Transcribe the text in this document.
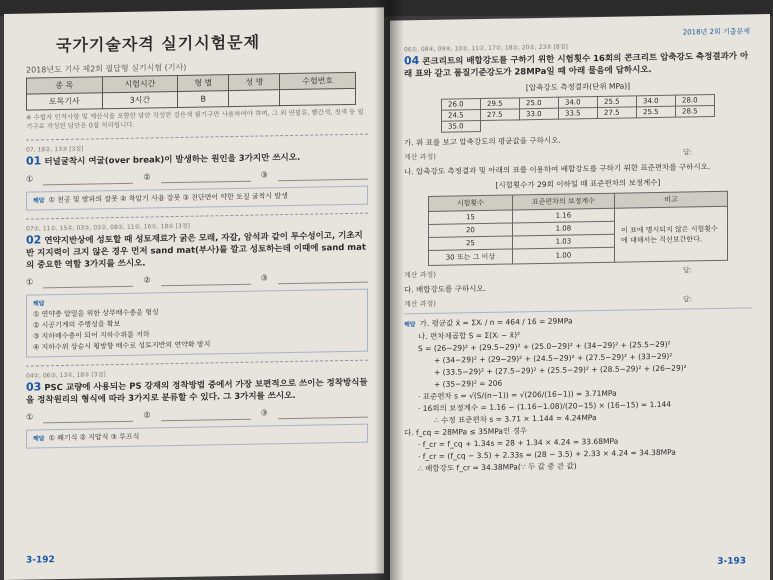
국가기술자격 실기시험문제
2018년도 기사 제2회 필답형 실기시험 (기사)
종 목	시험시간	형 별	성 명	수험번호
토목기사	3시간	B		
※ 수험자 인적사항 및 계산식을 포함한 답안 작성란 검은색 필기구만 사용하여야 하며, 그 외 연필류, 빨간색, 청색 등 필기구로 작성된 답안은 0점 처리됩니다.
07, 18②, 13③ [3점]
01 터널굴착시 여굴(over break)이 발생하는 원인을 3가지만 쓰시오.
①	②	③
해답 ① 천공 및 발파의 잘못 ② 착암기 사용 잘못 ③ 전단면이 약한 토질 굴착시 발생
07②, 11②, 15②, 03②, 03②, 08②, 11②, 16①, 18② [3점]
02 연약지반상에 성토할 때 성토재료가 굵은 모래, 자갈, 암석과 같이 투수성이고, 기초지반 지지력이 크지 않은 경우 먼저 sand mat(부사)를 깔고 성토하는데 이때에 sand mat의 중요한 역할 3가지를 쓰시오.
①	②	③
해답
① 연약층 압밀을 위한 상부배수층을 형성
② 시공기계의 주행성을 확보
③ 지하배수층이 되어 지하수위를 저하
④ 지하수위 상승시 횡방향 배수로 성토지반의 연약화 방지
04②, 06③, 13②, 18② [3점]
03 PSC 교량에 사용되는 PS 강재의 정착방법 중에서 가장 보편적으로 쓰이는 정착방식들을 정착원리의 형식에 따라 3가지로 분류할 수 있다. 그 3가지를 쓰시오.
①	②	③
해답 ① 쐐기식 ② 지압식 ③ 루프식
3-192
2018년 2회 기출문제
06②, 08④, 09④, 10②, 11②, 17②, 18②, 20②, 23② [8점]
04 콘크리트의 배합강도를 구하기 위한 시험횟수 16회의 콘크리트 압축강도 측정결과가 아래 표와 같고 품질기준강도가 28MPa일 때 아래 물음에 답하시오.
[압축강도 측정결과(단위 MPa)]
26.0	29.5	25.0	34.0	25.5	34.0	28.0
24.5	27.5	33.0	33.5	27.5	25.5	28.5
35.0						
가. 위 표를 보고 압축강도의 평균값을 구하시오.
계산 과정)
답:
나. 압축강도 측정결과 및 아래의 표를 이용하여 배합강도를 구하기 위한 표준편차를 구하시오.
[시험횟수가 29회 이하일 때 표준편차의 보정계수]
시험횟수	표준편차의 보정계수	비고
15	1.16	이 표에 명시되지 않은 시험횟수에 대해서는 직선보간한다.
20	1.08	
25	1.03	
30 또는 그 이상	1.00	
계산 과정)
답:
다. 배합강도를 구하시오.
계산 과정)
답:
해답 가. 평균값 x̄ = ΣXᵢ / n = 464 / 16 = 29MPa
나. 편차제곱합 S = Σ(Xᵢ − x̄)²
S = (26−29)² + (29.5−29)² + (25.0−29)² + (34−29)² + (25.5−29)²
+ (34−29)² + (29−29)² + (24.5−29)² + (27.5−29)² + (33−29)²
+ (33.5−29)² + (27.5−29)² + (25.5−29)² + (28.5−29)² + (26−29)²
+ (35−29)² = 206
· 표준편차 s = √(S/(n−1)) = √(206/(16−1)) = 3.71MPa
· 16회의 보정계수 = 1.16 − (1.16−1.08)/(20−15) × (16−15) = 1.144
∴ 수정 표준편차 s = 3.71 × 1.144 = 4.24MPa
다. f_cq = 28MPa ≤ 35MPa인 경우
· f_cr = f_cq + 1.34s = 28 + 1.34 × 4.24 = 33.68MPa
· f_cr = (f_cq − 3.5) + 2.33s = (28 − 3.5) + 2.33 × 4.24 = 34.38MPa
∴ 배합강도 f_cr = 34.38MPa(∵ 두 값 중 큰 값)
3-193
